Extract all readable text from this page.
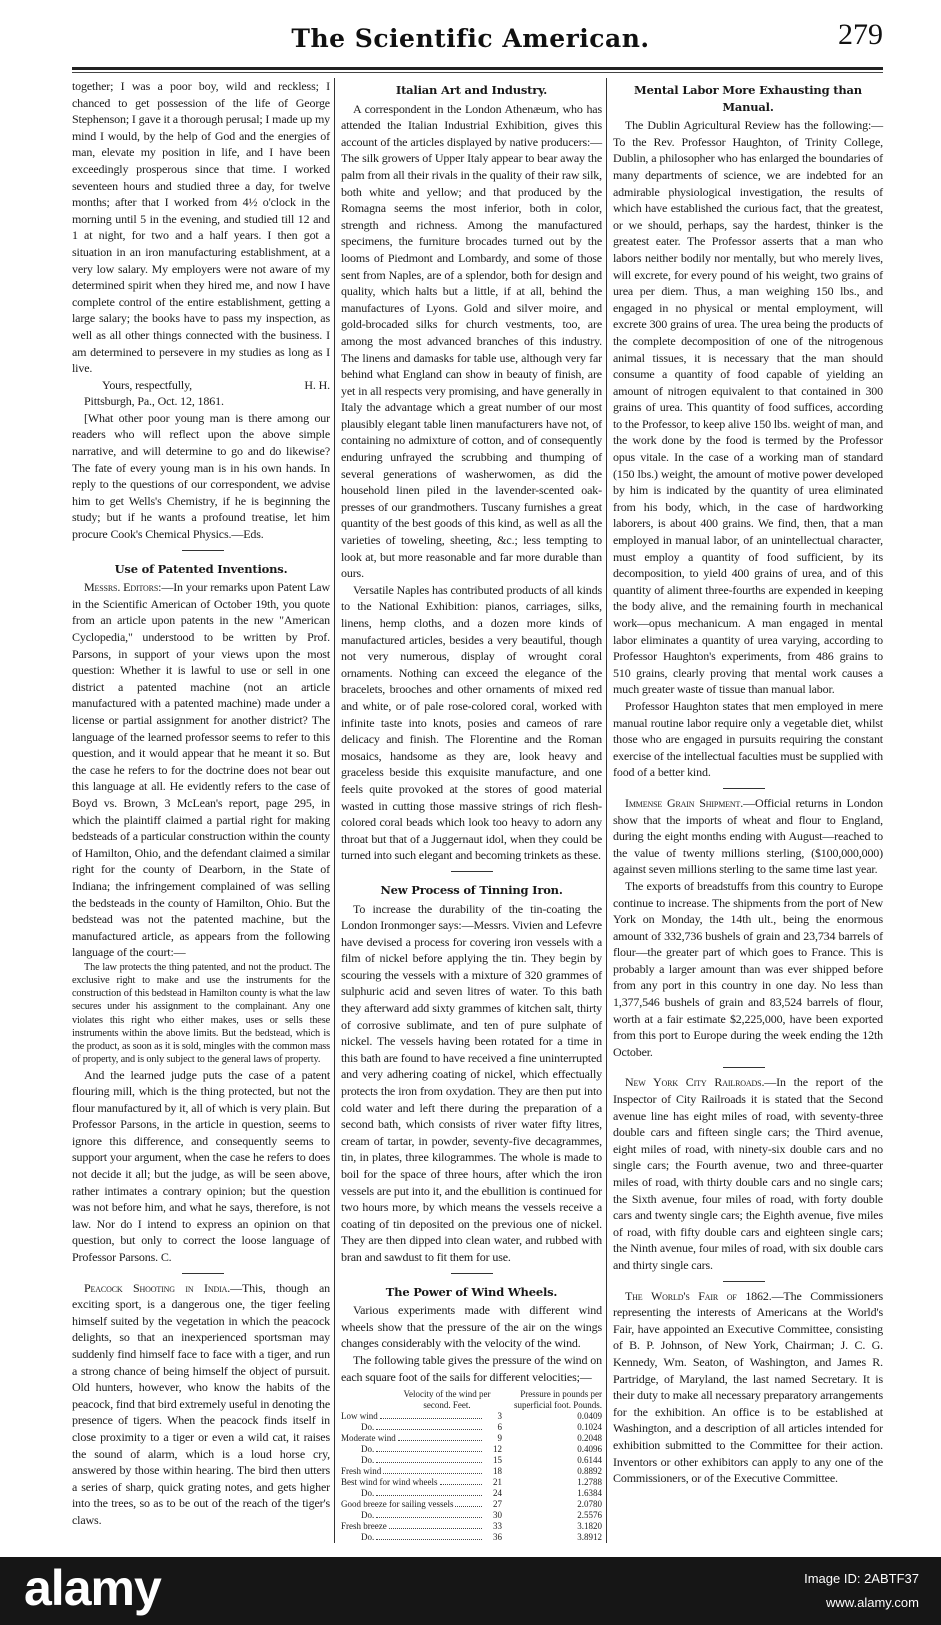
The Scientific American.	279

together; I was a poor boy, wild and reckless; I chanced to get possession of the life of George Stephenson; I gave it a thorough perusal; I made up my mind I would, by the help of God and the energies of man, elevate my position in life, and I have been exceedingly prosperous since that time. I worked seventeen hours and studied three a day, for twelve months; after that I worked from 4½ o'clock in the morning until 5 in the evening, and studied till 12 and 1 at night, for two and a half years. I then got a situation in an iron manufacturing establishment, at a very low salary. My employers were not aware of my determined spirit when they hired me, and now I have complete control of the entire establishment, getting a large salary; the books have to pass my inspection, as well as all other things connected with the business. I am determined to persevere in my studies as long as I live.

Yours, respectfully,	H. H.

Pittsburgh, Pa., Oct. 12, 1861.

[What other poor young man is there among our readers who will reflect upon the above simple narrative, and will determine to go and do likewise? The fate of every young man is in his own hands. In reply to the questions of our correspondent, we advise him to get Wells's Chemistry, if he is beginning the study; but if he wants a profound treatise, let him procure Cook's Chemical Physics.—Eds.

Use of Patented Inventions.

Messrs. Editors:—In your remarks upon Patent Law in the Scientific American of October 19th, you quote from an article upon patents in the new "American Cyclopedia," understood to be written by Prof. Parsons, in support of your views upon the most question: Whether it is lawful to use or sell in one district a patented machine (not an article manufactured with a patented machine) made under a license or partial assignment for another district? The language of the learned professor seems to refer to this question, and it would appear that he meant it so. But the case he refers to for the doctrine does not bear out this language at all. He evidently refers to the case of Boyd vs. Brown, 3 McLean's report, page 295, in which the plaintiff claimed a partial right for making bedsteads of a particular construction within the county of Hamilton, Ohio, and the defendant claimed a similar right for the county of Dearborn, in the State of Indiana; the infringement complained of was selling the bedsteads in the county of Hamilton, Ohio. But the bedstead was not the patented machine, but the manufactured article, as appears from the following language of the court:—

The law protects the thing patented, and not the product. The exclusive right to make and use the instruments for the construction of this bedstead in Hamilton county is what the law secures under his assignment to the complainant. Any one violates this right who either makes, uses or sells these instruments within the above limits. But the bedstead, which is the product, as soon as it is sold, mingles with the common mass of property, and is only subject to the general laws of property.

And the learned judge puts the case of a patent flouring mill, which is the thing protected, but not the flour manufactured by it, all of which is very plain. But Professor Parsons, in the article in question, seems to ignore this difference, and consequently seems to support your argument, when the case he refers to does not decide it all; but the judge, as will be seen above, rather intimates a contrary opinion; but the question was not before him, and what he says, therefore, is not law. Nor do I intend to express an opinion on that question, but only to correct the loose language of Professor Parsons. C.

Peacock Shooting in India.—This, though an exciting sport, is a dangerous one, the tiger feeling himself suited by the vegetation in which the peacock delights, so that an inexperienced sportsman may suddenly find himself face to face with a tiger, and run a strong chance of being himself the object of pursuit. Old hunters, however, who know the habits of the peacock, find that bird extremely useful in denoting the presence of tigers. When the peacock finds itself in close proximity to a tiger or even a wild cat, it raises the sound of alarm, which is a loud horse cry, answered by those within hearing. The bird then utters a series of sharp, quick grating notes, and gets higher into the trees, so as to be out of the reach of the tiger's claws.

Italian Art and Industry.

A correspondent in the London Athenæum, who has attended the Italian Industrial Exhibition, gives this account of the articles displayed by native producers:—The silk growers of Upper Italy appear to bear away the palm from all their rivals in the quality of their raw silk, both white and yellow; and that produced by the Romagna seems the most inferior, both in color, strength and richness. Among the manufactured specimens, the furniture brocades turned out by the looms of Piedmont and Lombardy, and some of those sent from Naples, are of a splendor, both for design and quality, which halts but a little, if at all, behind the manufactures of Lyons. Gold and silver moire, and gold-brocaded silks for church vestments, too, are among the most advanced branches of this industry. The linens and damasks for table use, although very far behind what England can show in beauty of finish, are yet in all respects very promising, and have generally in Italy the advantage which a great number of our most plausibly elegant table linen manufacturers have not, of containing no admixture of cotton, and of consequently enduring unfrayed the scrubbing and thumping of several generations of washerwomen, as did the household linen piled in the lavender-scented oak-presses of our grandmothers. Tuscany furnishes a great quantity of the best goods of this kind, as well as all the varieties of toweling, sheeting, &c.; less tempting to look at, but more reasonable and far more durable than ours.

Versatile Naples has contributed products of all kinds to the National Exhibition: pianos, carriages, silks, linens, hemp cloths, and a dozen more kinds of manufactured articles, besides a very beautiful, though not very numerous, display of wrought coral ornaments. Nothing can exceed the elegance of the bracelets, brooches and other ornaments of mixed red and white, or of pale rose-colored coral, worked with infinite taste into knots, posies and cameos of rare delicacy and finish. The Florentine and the Roman mosaics, handsome as they are, look heavy and graceless beside this exquisite manufacture, and one feels quite provoked at the stores of good material wasted in cutting those massive strings of rich flesh-colored coral beads which look too heavy to adorn any throat but that of a Juggernaut idol, when they could be turned into such elegant and becoming trinkets as these.

New Process of Tinning Iron.

To increase the durability of the tin-coating the London Ironmonger says:—Messrs. Vivien and Lefevre have devised a process for covering iron vessels with a film of nickel before applying the tin. They begin by scouring the vessels with a mixture of 320 grammes of sulphuric acid and seven litres of water. To this bath they afterward add sixty grammes of kitchen salt, thirty of corrosive sublimate, and ten of pure sulphate of nickel. The vessels having been rotated for a time in this bath are found to have received a fine uninterrupted and very adhering coating of nickel, which effectually protects the iron from oxydation. They are then put into cold water and left there during the preparation of a second bath, which consists of river water fifty litres, cream of tartar, in powder, seventy-five decagrammes, tin, in plates, three kilogrammes. The whole is made to boil for the space of three hours, after which the iron vessels are put into it, and the ebullition is continued for two hours more, by which means the vessels receive a coating of tin deposited on the previous one of nickel. They are then dipped into clean water, and rubbed with bran and sawdust to fit them for use.

The Power of Wind Wheels.

Various experiments made with different wind wheels show that the pressure of the air on the wings changes considerably with the velocity of the wind.

The following table gives the pressure of the wind on each square foot of the sails for different velocities;—

Velocity of the wind per second. Feet.
Pressure in pounds per superficial foot. Pounds.
Low wind	3	0.0409
Do.	6	0.1024
Moderate wind	9	0.2048
Do.	12	0.4096
Do.	15	0.6144
Fresh wind	18	0.8892
Best wind for wind wheels	21	1.2788
Do.	24	1.6384
Good breeze for sailing vessels	27	2.0780
Do.	30	2.5576
Fresh breeze	33	3.1820
Do.	36	3.8912
Mental Labor More Exhausting than Manual.

The Dublin Agricultural Review has the following:—To the Rev. Professor Haughton, of Trinity College, Dublin, a philosopher who has enlarged the boundaries of many departments of science, we are indebted for an admirable physiological investigation, the results of which have established the curious fact, that the greatest, or we should, perhaps, say the hardest, thinker is the greatest eater. The Professor asserts that a man who labors neither bodily nor mentally, but who merely lives, will excrete, for every pound of his weight, two grains of urea per diem. Thus, a man weighing 150 lbs., and engaged in no physical or mental employment, will excrete 300 grains of urea. The urea being the products of the complete decomposition of one of the nitrogenous animal tissues, it is necessary that the man should consume a quantity of food capable of yielding an amount of nitrogen equivalent to that contained in 300 grains of urea. This quantity of food suffices, according to the Professor, to keep alive 150 lbs. weight of man, and the work done by the food is termed by the Professor opus vitale. In the case of a working man of standard (150 lbs.) weight, the amount of motive power developed by him is indicated by the quantity of urea eliminated from his body, which, in the case of hardworking laborers, is about 400 grains. We find, then, that a man employed in manual labor, of an unintellectual character, must employ a quantity of food sufficient, by its decomposition, to yield 400 grains of urea, and of this quantity of aliment three-fourths are expended in keeping the body alive, and the remaining fourth in mechanical work—opus mechanicum. A man engaged in mental labor eliminates a quantity of urea varying, according to Professor Haughton's experiments, from 486 grains to 510 grains, clearly proving that mental work causes a much greater waste of tissue than manual labor.

Professor Haughton states that men employed in mere manual routine labor require only a vegetable diet, whilst those who are engaged in pursuits requiring the constant exercise of the intellectual faculties must be supplied with food of a better kind.

Immense Grain Shipment.—Official returns in London show that the imports of wheat and flour to England, during the eight months ending with August—reached to the value of twenty millions sterling, ($100,000,000) against seven millions sterling to the same time last year.

The exports of breadstuffs from this country to Europe continue to increase. The shipments from the port of New York on Monday, the 14th ult., being the enormous amount of 332,736 bushels of grain and 23,734 barrels of flour—the greater part of which goes to France. This is probably a larger amount than was ever shipped before from any port in this country in one day. No less than 1,377,546 bushels of grain and 83,524 barrels of flour, worth at a fair estimate $2,225,000, have been exported from this port to Europe during the week ending the 12th October.

New York City Railroads.—In the report of the Inspector of City Railroads it is stated that the Second avenue line has eight miles of road, with seventy-three double cars and fifteen single cars; the Third avenue, eight miles of road, with ninety-six double cars and no single cars; the Fourth avenue, two and three-quarter miles of road, with thirty double cars and no single cars; the Sixth avenue, four miles of road, with forty double cars and twenty single cars; the Eighth avenue, five miles of road, with fifty double cars and eighteen single cars; the Ninth avenue, four miles of road, with six double cars and thirty single cars.

The World's Fair of 1862.—The Commissioners representing the interests of Americans at the World's Fair, have appointed an Executive Committee, consisting of B. P. Johnson, of New York, Chairman; J. C. G. Kennedy, Wm. Seaton, of Washington, and James R. Partridge, of Maryland, the last named Secretary. It is their duty to make all necessary preparatory arrangements for the exhibition. An office is to be established at Washington, and a description of all articles intended for exhibition submitted to the Committee for their action. Inventors or other exhibitors can apply to any one of the Commissioners, or of the Executive Committee.

alamy	Image ID: 2ABTF37
www.alamy.com
